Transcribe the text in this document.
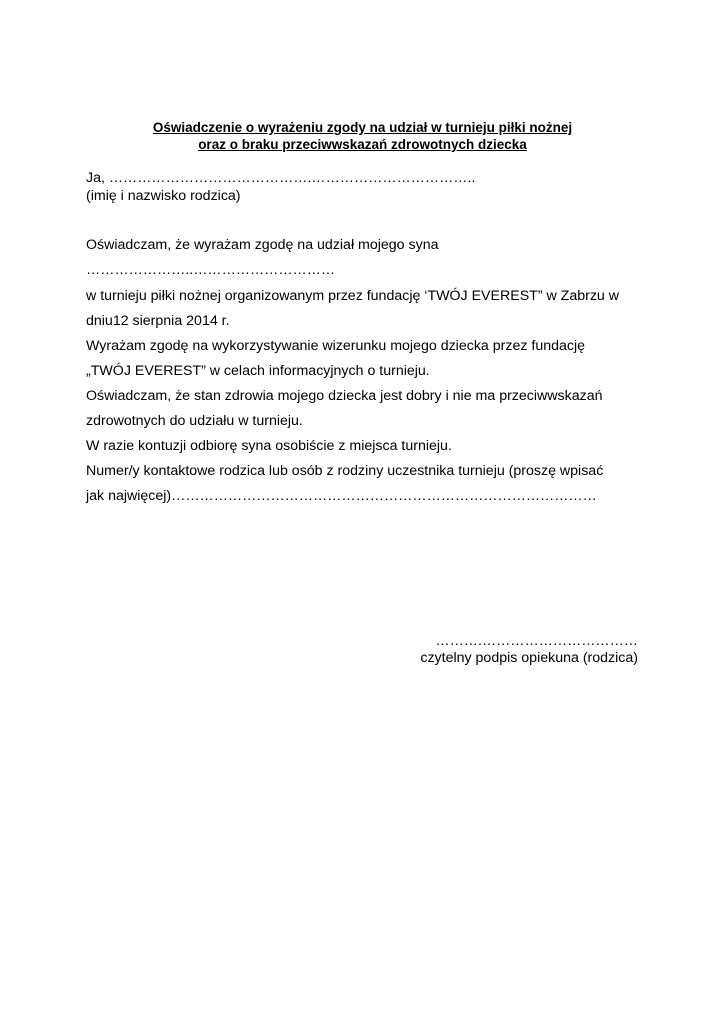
Oświadczenie o wyrażeniu zgody na udział w turnieju piłki nożnej
oraz o braku przeciwwskazań zdrowotnych dziecka
Ja, …………………………………….……………………………..
(imię i nazwisko rodzica)
Oświadczam, że wyrażam zgodę na udział mojego syna
…………………..…………………………
w turnieju piłki nożnej organizowanym przez fundację ‘TWÓJ EVEREST” w Zabrzu w
dniu12 sierpnia 2014 r.
Wyrażam zgodę na wykorzystywanie wizerunku mojego dziecka przez fundację
„TWÓJ EVEREST” w celach informacyjnych o turnieju.
Oświadczam, że stan zdrowia mojego dziecka jest dobry i nie ma przeciwwskazań
zdrowotnych do udziału w turnieju.
W razie kontuzji odbiorę syna osobiście z miejsca turnieju.
Numer/y kontaktowe rodzica lub osób z rodziny uczestnika turnieju (proszę wpisać
jak najwięcej)………………………………………………………………………………
……….……………………………
czytelny podpis opiekuna (rodzica)
